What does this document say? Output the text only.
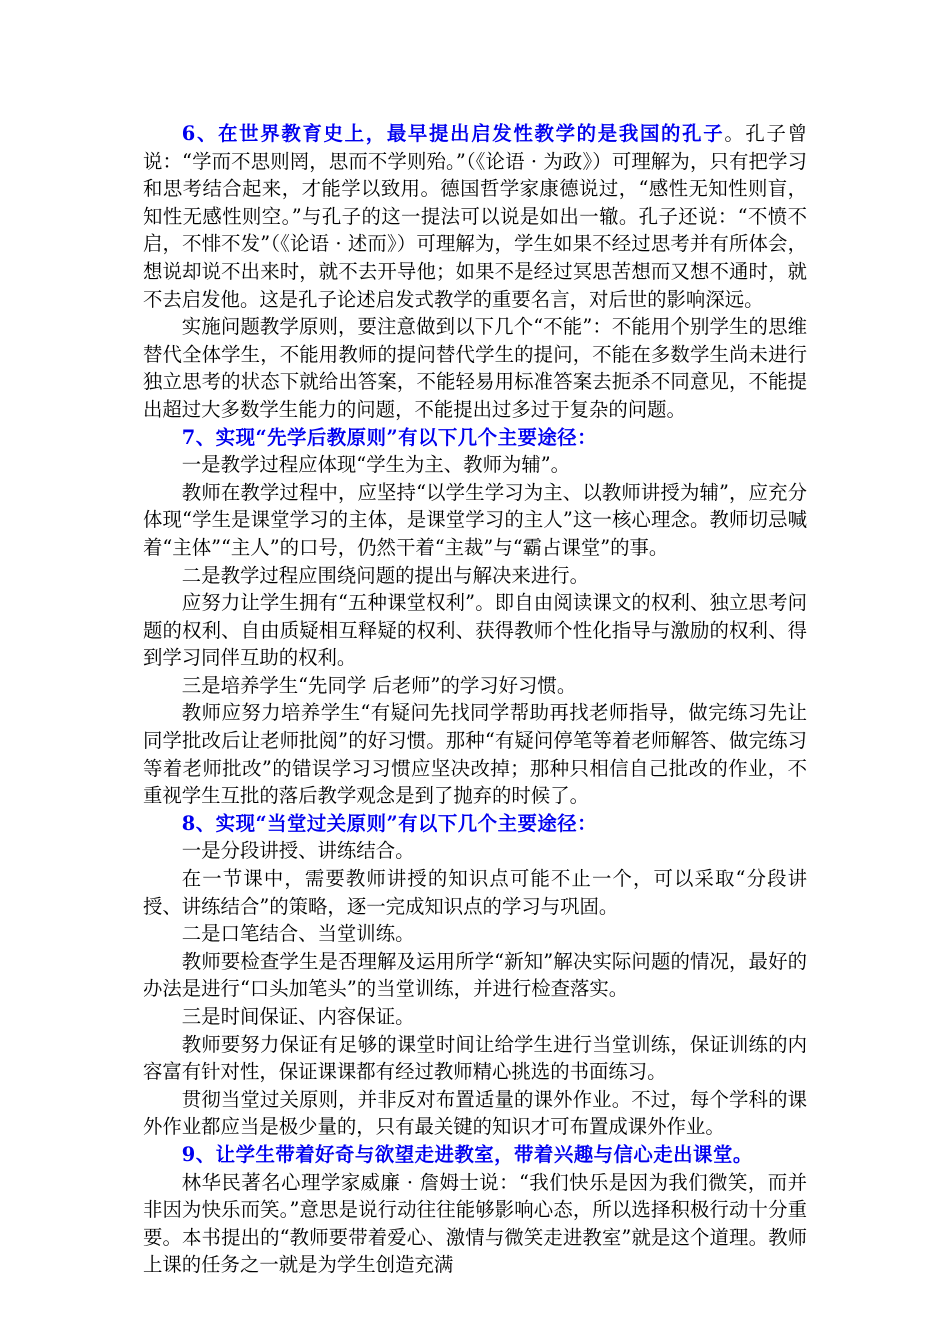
6、在世界教育史上，最早提出启发性教学的是我国的孔子。孔子曾说：“学而不思则罔，思而不学则殆。”（《论语 · 为政》）可理解为，只有把学习和思考结合起来，才能学以致用。德国哲学家康德说过，“感性无知性则盲，知性无感性则空。”与孔子的这一提法可以说是如出一辙。孔子还说：“不愤不启，不悱不发”（《论语 · 述而》）可理解为，学生如果不经过思考并有所体会，想说却说不出来时，就不去开导他；如果不是经过冥思苦想而又想不通时，就不去启发他。这是孔子论述启发式教学的重要名言，对后世的影响深远。

实施问题教学原则，要注意做到以下几个“不能”：不能用个别学生的思维替代全体学生，不能用教师的提问替代学生的提问，不能在多数学生尚未进行独立思考的状态下就给出答案，不能轻易用标准答案去扼杀不同意见，不能提出超过大多数学生能力的问题，不能提出过多过于复杂的问题。

7、实现“先学后教原则”有以下几个主要途径：

一是教学过程应体现“学生为主、教师为辅”。

教师在教学过程中，应坚持“以学生学习为主、以教师讲授为辅”，应充分体现“学生是课堂学习的主体，是课堂学习的主人”这一核心理念。教师切忌喊着“主体”“主人”的口号，仍然干着“主裁”与“霸占课堂”的事。

二是教学过程应围绕问题的提出与解决来进行。

应努力让学生拥有“五种课堂权利”。即自由阅读课文的权利、独立思考问题的权利、自由质疑相互释疑的权利、获得教师个性化指导与激励的权利、得到学习同伴互助的权利。

三是培养学生“先同学 后老师”的学习好习惯。

教师应努力培养学生“有疑问先找同学帮助再找老师指导，做完练习先让同学批改后让老师批阅”的好习惯。那种“有疑问停笔等着老师解答、做完练习等着老师批改”的错误学习习惯应坚决改掉；那种只相信自己批改的作业，不重视学生互批的落后教学观念是到了抛弃的时候了。

8、实现“当堂过关原则”有以下几个主要途径：

一是分段讲授、讲练结合。

在一节课中，需要教师讲授的知识点可能不止一个，可以采取“分段讲授、讲练结合”的策略，逐一完成知识点的学习与巩固。

二是口笔结合、当堂训练。

教师要检查学生是否理解及运用所学“新知”解决实际问题的情况，最好的办法是进行“口头加笔头”的当堂训练，并进行检查落实。

三是时间保证、内容保证。

教师要努力保证有足够的课堂时间让给学生进行当堂训练，保证训练的内容富有针对性，保证课课都有经过教师精心挑选的书面练习。

贯彻当堂过关原则，并非反对布置适量的课外作业。不过，每个学科的课外作业都应当是极少量的，只有最关键的知识才可布置成课外作业。

9、让学生带着好奇与欲望走进教室，带着兴趣与信心走出课堂。

林华民著名心理学家威廉 · 詹姆士说：“我们快乐是因为我们微笑，而并非因为快乐而笑。”意思是说行动往往能够影响心态，所以选择积极行动十分重要。本书提出的“教师要带着爱心、激情与微笑走进教室”就是这个道理。教师上课的任务之一就是为学生创造充满
